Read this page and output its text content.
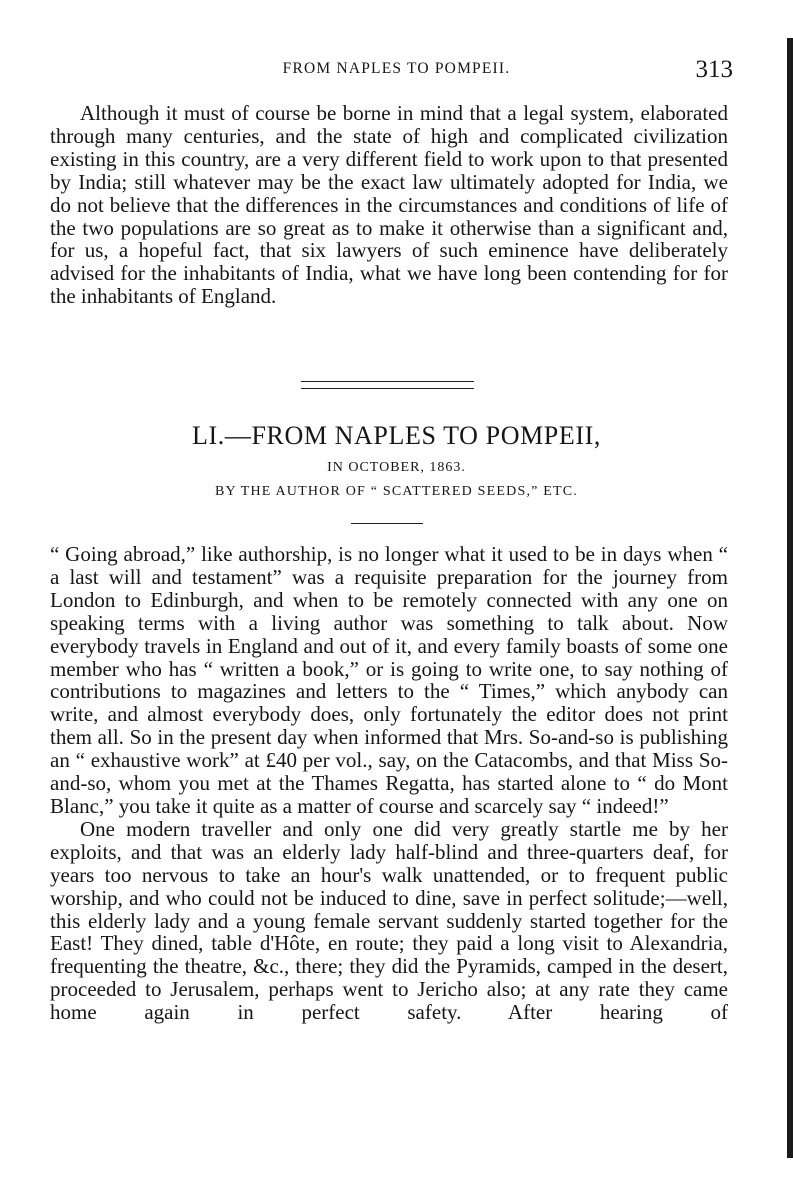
FROM NAPLES TO POMPEII.	313

Although it must of course be borne in mind that a legal system, elaborated through many centuries, and the state of high and complicated civilization existing in this country, are a very different field to work upon to that presented by India; still whatever may be the exact law ultimately adopted for India, we do not believe that the differences in the circumstances and conditions of life of the two populations are so great as to make it otherwise than a significant and, for us, a hopeful fact, that six lawyers of such eminence have deliberately advised for the inhabitants of India, what we have long been contending for for the inhabitants of England.

LI.—FROM NAPLES TO POMPEII,
IN OCTOBER, 1863.
BY THE AUTHOR OF “ SCATTERED SEEDS,” ETC.

“ Going abroad,” like authorship, is no longer what it used to be in days when “ a last will and testament” was a requisite preparation for the journey from London to Edinburgh, and when to be remotely connected with any one on speaking terms with a living author was something to talk about. Now everybody travels in England and out of it, and every family boasts of some one member who has “ written a book,” or is going to write one, to say nothing of contributions to magazines and letters to the “ Times,” which anybody can write, and almost everybody does, only fortunately the editor does not print them all. So in the present day when informed that Mrs. So-and-so is publishing an “ exhaustive work” at £40 per vol., say, on the Catacombs, and that Miss So-and-so, whom you met at the Thames Regatta, has started alone to “ do Mont Blanc,” you take it quite as a matter of course and scarcely say “ indeed!”

One modern traveller and only one did very greatly startle me by her exploits, and that was an elderly lady half-blind and three-quarters deaf, for years too nervous to take an hour's walk unattended, or to frequent public worship, and who could not be induced to dine, save in perfect solitude;—well, this elderly lady and a young female servant suddenly started together for the East! They dined, table d'Hôte, en route; they paid a long visit to Alexandria, frequenting the theatre, &c., there; they did the Pyramids, camped in the desert, proceeded to Jerusalem, perhaps went to Jericho also; at any rate they came home again in perfect safety. After hearing of
